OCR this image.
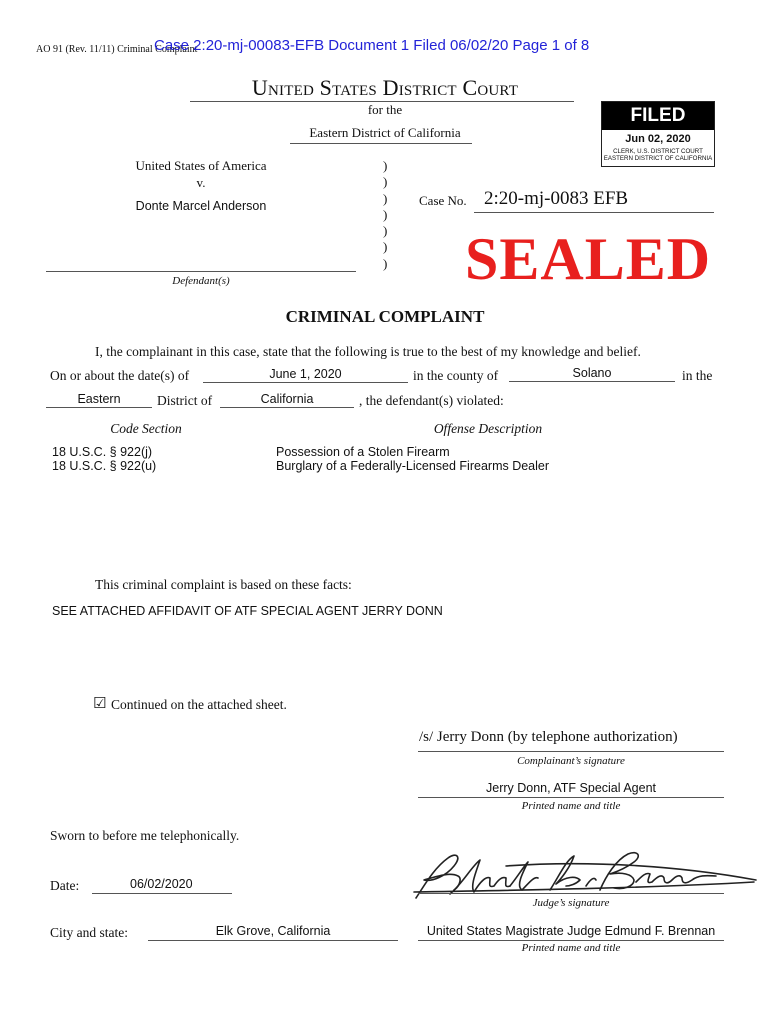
AO 91 (Rev. 11/11) Criminal Complaint
Case 2:20-mj-00083-EFB Document 1 Filed 06/02/20 Page 1 of 8
United States District Court
for the
Eastern District of California
FILED
Jun 02, 2020
CLERK, U.S. DISTRICT COURT
EASTERN DISTRICT OF CALIFORNIA
United States of America
v.
Donte Marcel Anderson
Defendant(s)
)
)
)
)
)
)
)
Case No. 2:20-mj-0083 EFB
SEALED
CRIMINAL COMPLAINT
I, the complainant in this case, state that the following is true to the best of my knowledge and belief.
On or about the date(s) of	June 1, 2020	in the county of	Solano	in the
Eastern	District of	California	, the defendant(s) violated:
Code Section	Offense Description
18 U.S.C. § 922(j)	Possession of a Stolen Firearm
18 U.S.C. § 922(u)	Burglary of a Federally-Licensed Firearms Dealer
This criminal complaint is based on these facts:
SEE ATTACHED AFFIDAVIT OF ATF SPECIAL AGENT JERRY DONN
☑ Continued on the attached sheet.
/s/ Jerry Donn (by telephone authorization)
Complainant’s signature
Jerry Donn, ATF Special Agent
Printed name and title
Sworn to before me telephonically.
Date:	06/02/2020
Judge’s signature
City and state:	Elk Grove, California	United States Magistrate Judge Edmund F. Brennan
Printed name and title
